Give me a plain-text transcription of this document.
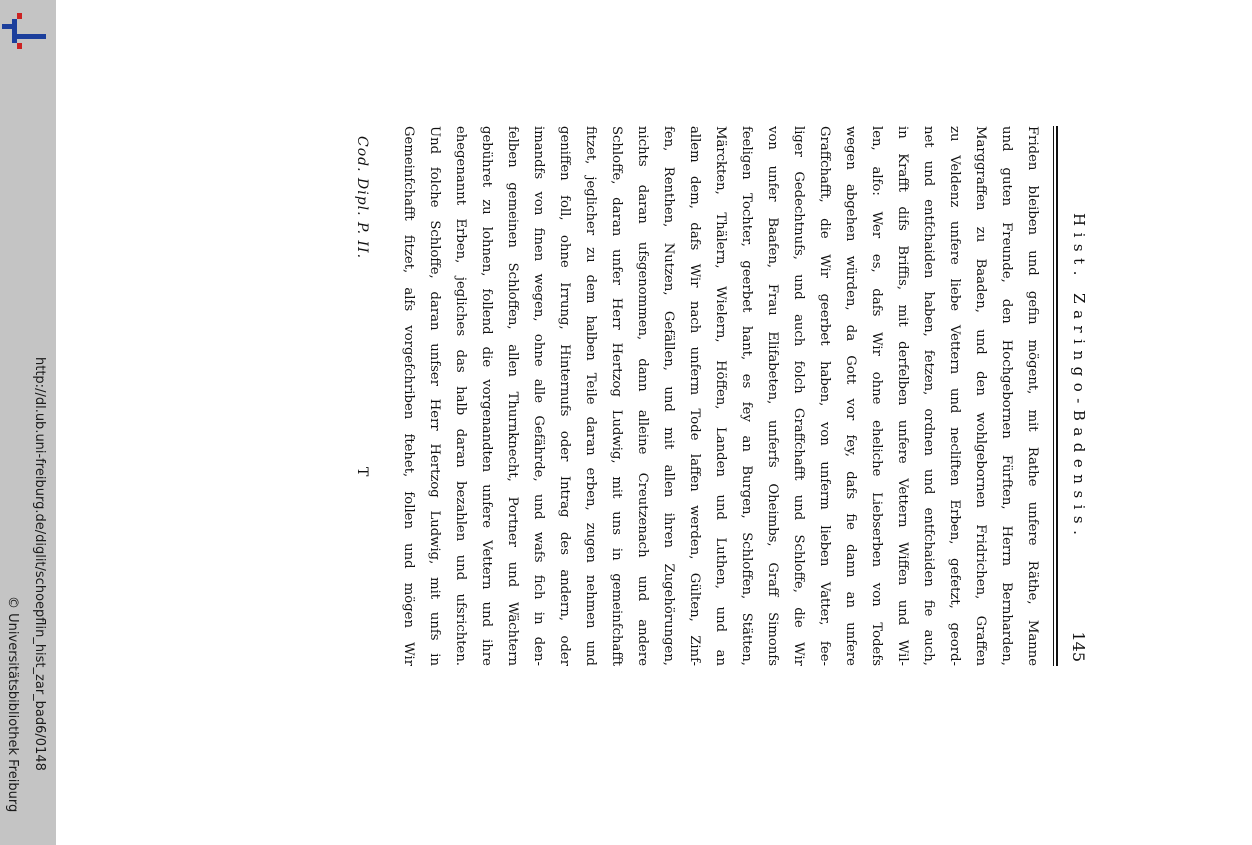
http://dl.ub.uni-freiburg.de/diglit/schoepflin_hist_zar_bad6/0148
© Universitätsbibliothek Freiburg
Hist. Zaringo-Badensis.
145
Friden bleiben und gefin mögent, mit Rathe unfere Räthe, Manne
und guten Freunde, den Hochgebornen Fürften, Herrn Bernharden,
Marggraffen zu Baaden, und den wohlgebornen Fridrichen, Graffen
zu Veldenz unfere liebe Vettern und necliften Erben, gefetzt, geord-
net und entfchaiden haben, fetzen, ordnen und entfchaiden fie auch,
in Krafft difs Briffis, mit derfelben unfere Vettern Wiffen und Wil-
len, alfo: Wer es, dafs Wir ohne eheliche Liebserben von Todefs
wegen abgehen würden, da Gott vor fey, dafs fie dann an unfere
Graffchafft, die Wir geerbet haben, von unferm lieben Vatter, fee-
liger Gedechtnufs, und auch folch Graffchafft und Schloffe, die Wir
von unfer Baafen, Frau Elifabeten, unferfs Oheimbs, Graff Simonfs
feeligen Tochter, geerbet hant, es fey an Burgen, Schloffen, Stätten,
Märckten, Thälern, Wielern, Höffen, Landen und Luthen, und an
allem dem, dafs Wir nach unferm Tode laffen werden, Gülten, Zinf-
fen, Renthen, Nutzen, Gefällen, und mit allen ihren Zugehörungen,
nichts daran ufsgenommen, dann alleine Creutzenach und andere
Schloffe, daran unfer Herr Hertzog Ludwig, mit uns in gemeinfchafft
fitzet, jeglicher zu dem halben Teile daran erben, zugen nehmen und
geniffen foll, ohne Irrung, Hinternufs oder Intrag des andern, oder
imandfs von finen wegen, ohne alle Gefährde, und wafs fich in den-
felben gemeinen Schloffen, allen Thurnknecht, Portner und Wächtern
gebühret zu lohnen, follend die vorgenandten unfere Vettern und ihre
ehegenannt Erben, jegliches das halb daran bezahlen und ufsrichten.
Und folche Schloffe, daran unfser Herr Hertzog Ludwig, mit unfs in
Gemeinfchafft fitzet, alfs vorgefchriben ftehet, follen und mögen Wir
Cod. Dipl. P. II.
T
